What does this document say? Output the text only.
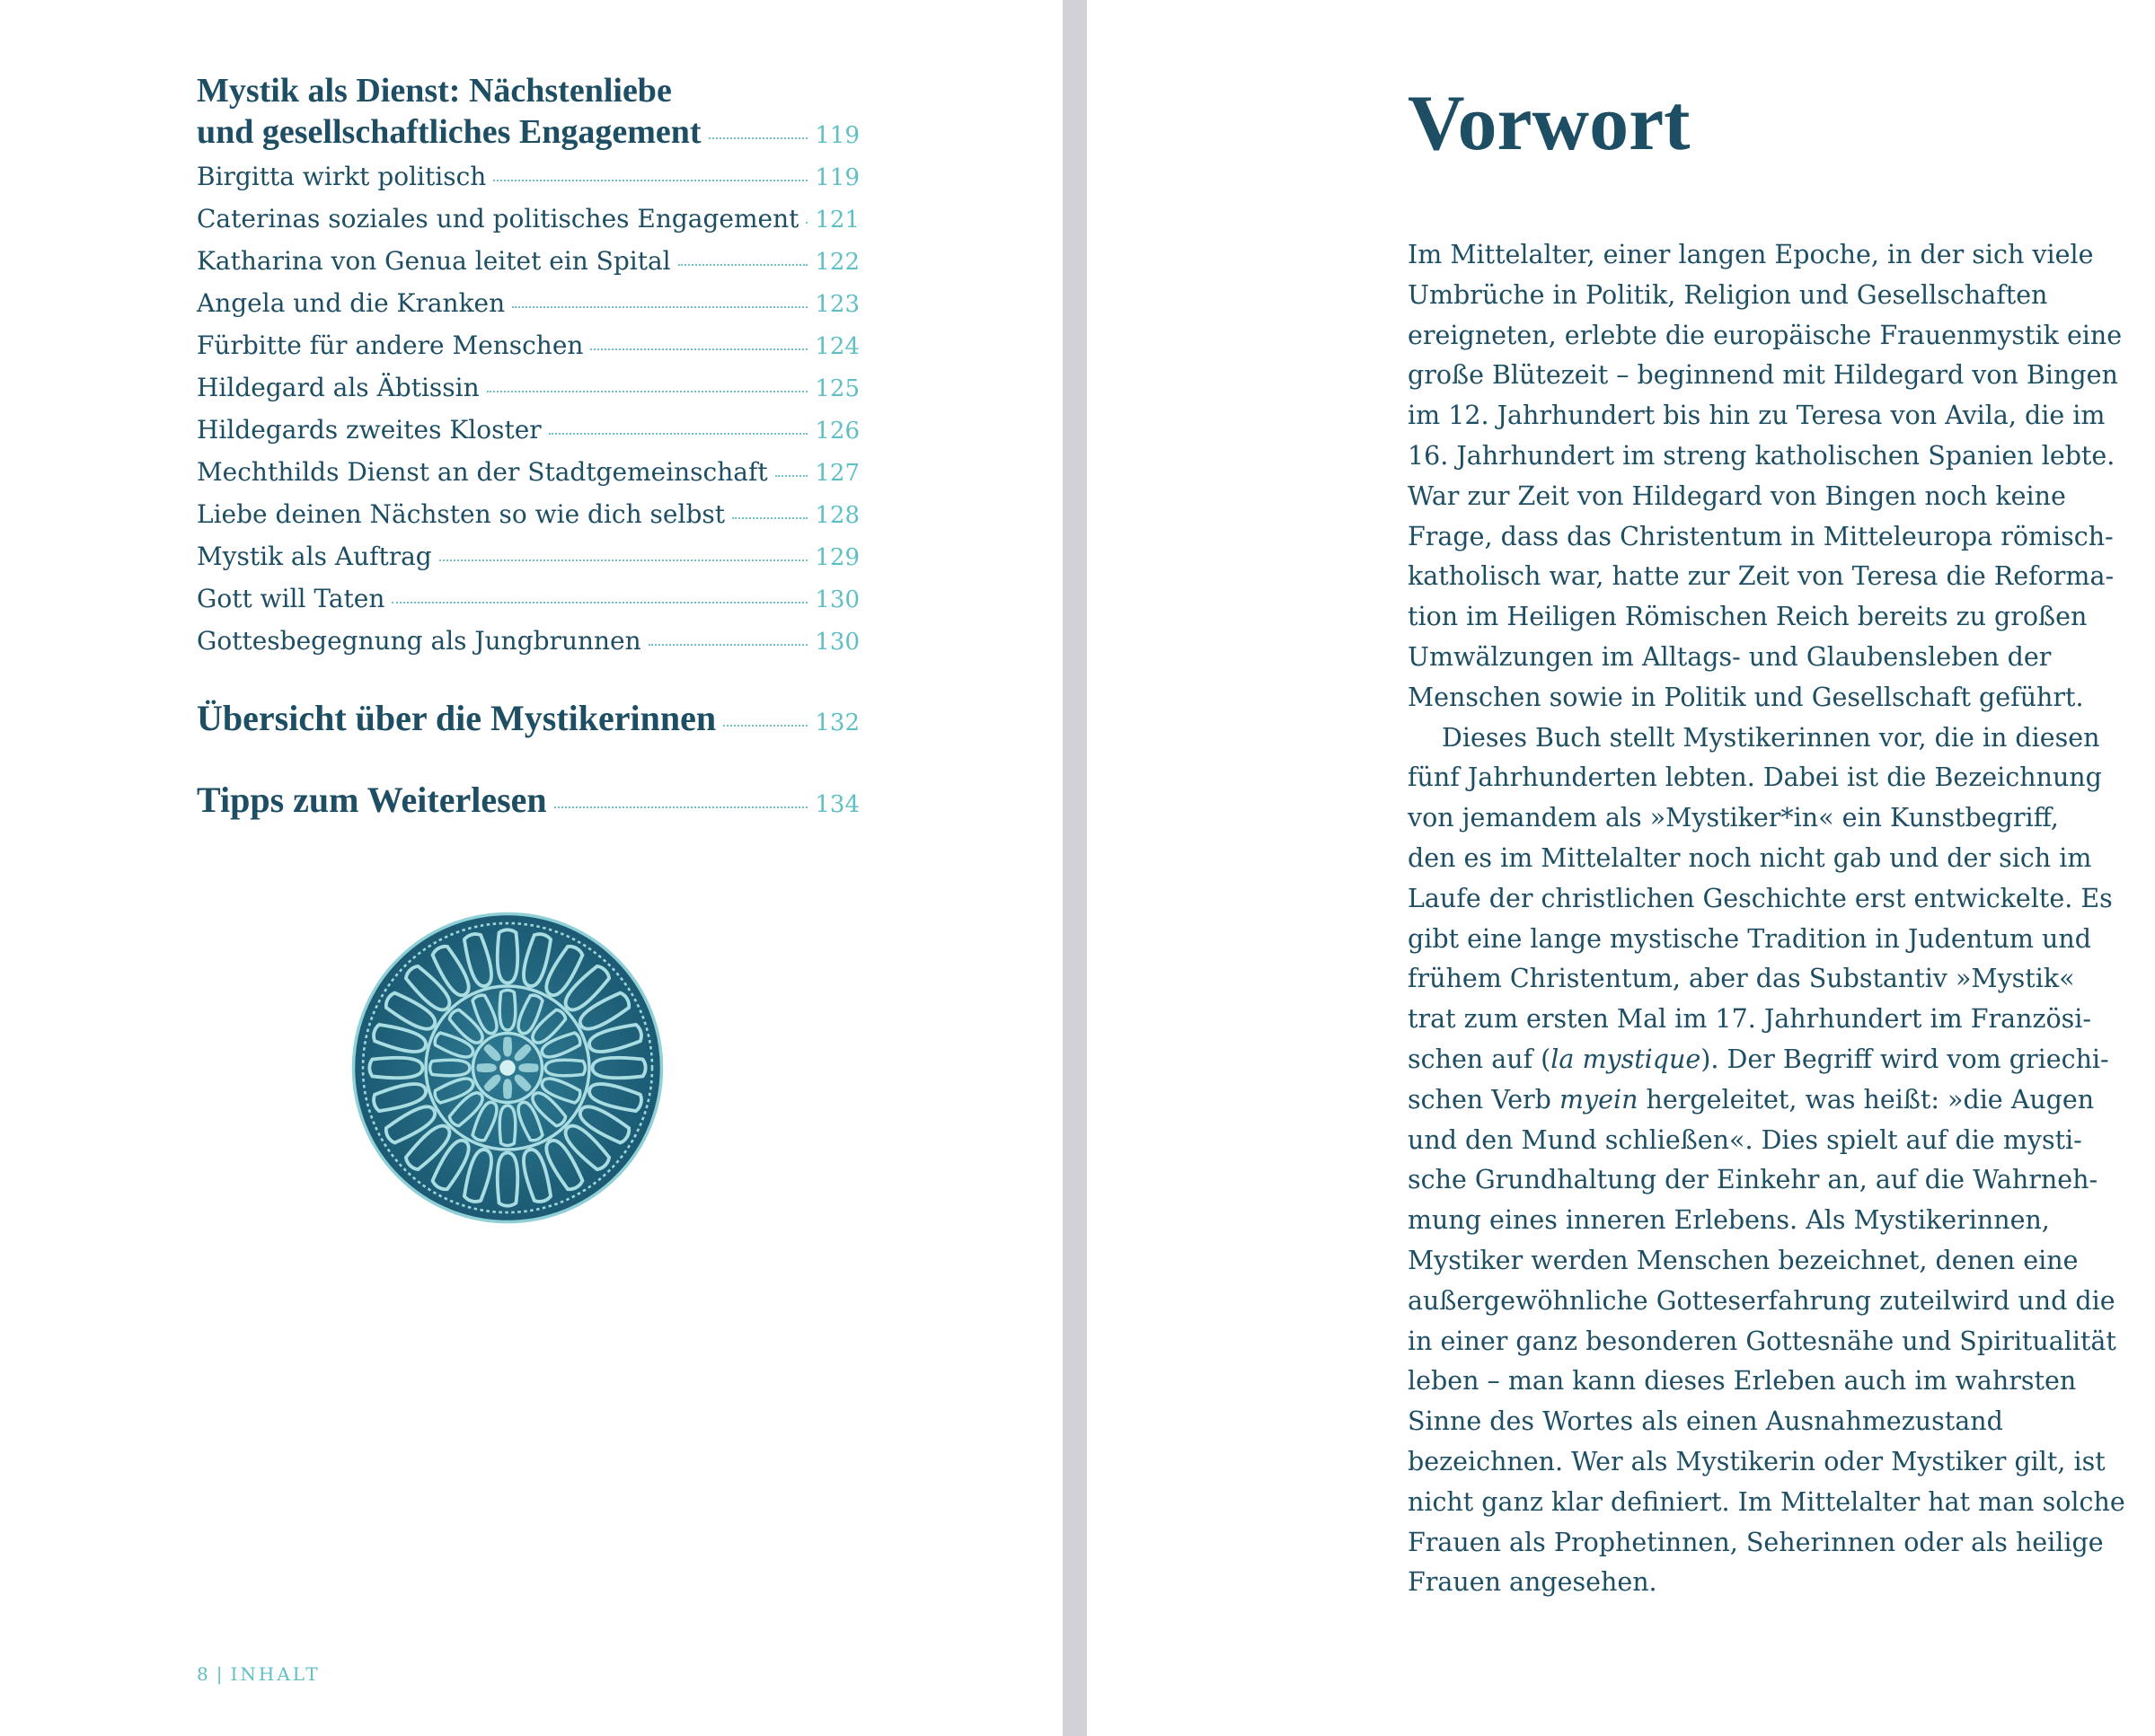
Mystik als Dienst: Nächstenliebe
und gesellschaftliches Engagement	119
Birgitta wirkt politisch	119
Caterinas soziales und politisches Engagement 121
Katharina von Genua leitet ein Spital	122
Angela und die Kranken	123
Fürbitte für andere Menschen	124
Hildegard als Äbtissin	125
Hildegards zweites Kloster	126
Mechthilds Dienst an der Stadtgemeinschaft 127
Liebe deinen Nächsten so wie dich selbst	128
Mystik als Auftrag	129
Gott will Taten	130
Gottesbegegnung als Jungbrunnen	130
Übersicht über die Mystikerinnen	132
Tipps zum Weiterlesen	134
8 | INHALT
Vorwort
Im Mittelalter, einer langen Epoche, in der sich viele
Umbrüche in Politik, Religion und Gesellschaften
ereigneten, erlebte die europäische Frauenmystik eine
große Blütezeit – beginnend mit Hildegard von Bingen
im 12. Jahrhundert bis hin zu Teresa von Avila, die im
16. Jahrhundert im streng katholischen Spanien lebte.
War zur Zeit von Hildegard von Bingen noch keine
Frage, dass das Christentum in Mitteleuropa römisch-
katholisch war, hatte zur Zeit von Teresa die Reforma-
tion im Heiligen Römischen Reich bereits zu großen
Umwälzungen im Alltags- und Glaubensleben der
Menschen sowie in Politik und Gesellschaft geführt.
Dieses Buch stellt Mystikerinnen vor, die in diesen
fünf Jahrhunderten lebten. Dabei ist die Bezeichnung
von jemandem als »Mystiker*in« ein Kunstbegriff,
den es im Mittelalter noch nicht gab und der sich im
Laufe der christlichen Geschichte erst entwickelte. Es
gibt eine lange mystische Tradition in Judentum und
frühem Christentum, aber das Substantiv »Mystik«
trat zum ersten Mal im 17. Jahrhundert im Französi-
schen auf (la mystique). Der Begriff wird vom griechi-
schen Verb myein hergeleitet, was heißt: »die Augen
und den Mund schließen«. Dies spielt auf die mysti-
sche Grundhaltung der Einkehr an, auf die Wahrneh-
mung eines inneren Erlebens. Als Mystikerinnen,
Mystiker werden Menschen bezeichnet, denen eine
außergewöhnliche Gotteserfahrung zuteilwird und die
in einer ganz besonderen Gottesnähe und Spiritualität
leben – man kann dieses Erleben auch im wahrsten
Sinne des Wortes als einen Ausnahmezustand
bezeichnen. Wer als Mystikerin oder Mystiker gilt, ist
nicht ganz klar definiert. Im Mittelalter hat man solche
Frauen als Prophetinnen, Seherinnen oder als heilige
Frauen angesehen.
